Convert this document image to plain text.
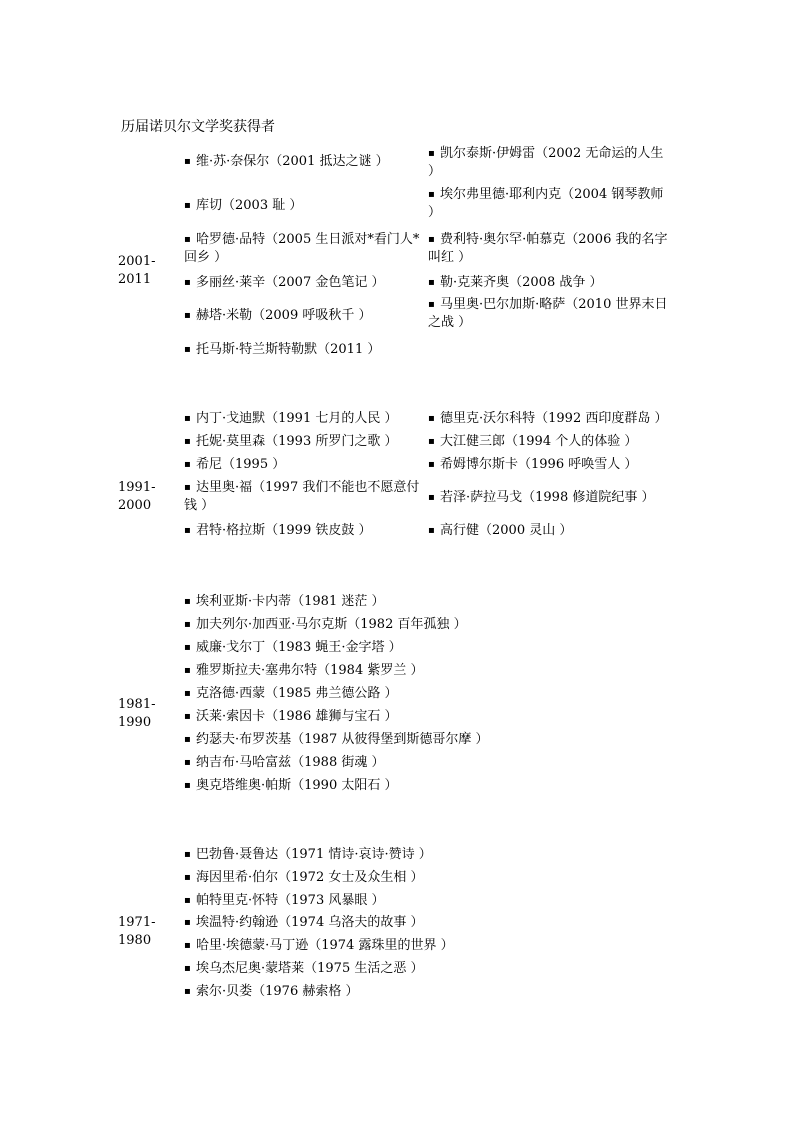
历届诺贝尔文学奖获得者
2001-2011
▪ 维·苏·奈保尔（2001 抵达之谜 ）
▪ 库切（2003 耻 ）
▪ 哈罗德·品特（2005 生日派对*看门人*回乡 ）
▪ 多丽丝·莱辛（2007 金色笔记 ）
▪ 赫塔·米勒（2009 呼吸秋千 ）
▪ 托马斯·特兰斯特勒默（2011 ）
▪ 凯尔泰斯·伊姆雷（2002 无命运的人生 ）
▪ 埃尔弗里德·耶利内克（2004 钢琴教师 ）
▪ 费利特·奥尔罕·帕慕克（2006 我的名字叫红 ）
▪ 勒·克莱齐奥（2008 战争 ）
▪ 马里奥·巴尔加斯·略萨（2010 世界末日之战 ）
1991-2000
▪ 内丁·戈迪默（1991 七月的人民 ）
▪ 托妮·莫里森（1993 所罗门之歌 ）
▪ 希尼（1995 ）
▪ 达里奥·福（1997 我们不能也不愿意付钱 ）
▪ 君特·格拉斯（1999 铁皮鼓 ）
▪ 德里克·沃尔科特（1992 西印度群岛 ）
▪ 大江健三郎（1994 个人的体验 ）
▪ 希姆博尔斯卡（1996 呼唤雪人 ）
▪ 若泽·萨拉马戈（1998 修道院纪事 ）
▪ 高行健（2000 灵山 ）
1981-1990
▪ 埃利亚斯·卡内蒂（1981 迷茫 ）
▪ 加夫列尔·加西亚·马尔克斯（1982 百年孤独 ）
▪ 威廉·戈尔丁（1983 蝇王·金字塔 ）
▪ 雅罗斯拉夫·塞弗尔特（1984 紫罗兰 ）
▪ 克洛德·西蒙（1985 弗兰德公路 ）
▪ 沃莱·索因卡（1986 雄狮与宝石 ）
▪ 约瑟夫·布罗茨基（1987 从彼得堡到斯德哥尔摩 ）
▪ 纳吉布·马哈富兹（1988 街魂 ）
▪ 奥克塔维奥·帕斯（1990 太阳石 ）
1971-1980
▪ 巴勃鲁·聂鲁达（1971 情诗·哀诗·赞诗 ）
▪ 海因里希·伯尔（1972 女士及众生相 ）
▪ 帕特里克·怀特（1973 风暴眼 ）
▪ 埃温特·约翰逊（1974 乌洛夫的故事 ）
▪ 哈里·埃德蒙·马丁逊（1974 露珠里的世界 ）
▪ 埃乌杰尼奥·蒙塔莱（1975 生活之恶 ）
▪ 索尔·贝娄（1976 赫索格 ）
